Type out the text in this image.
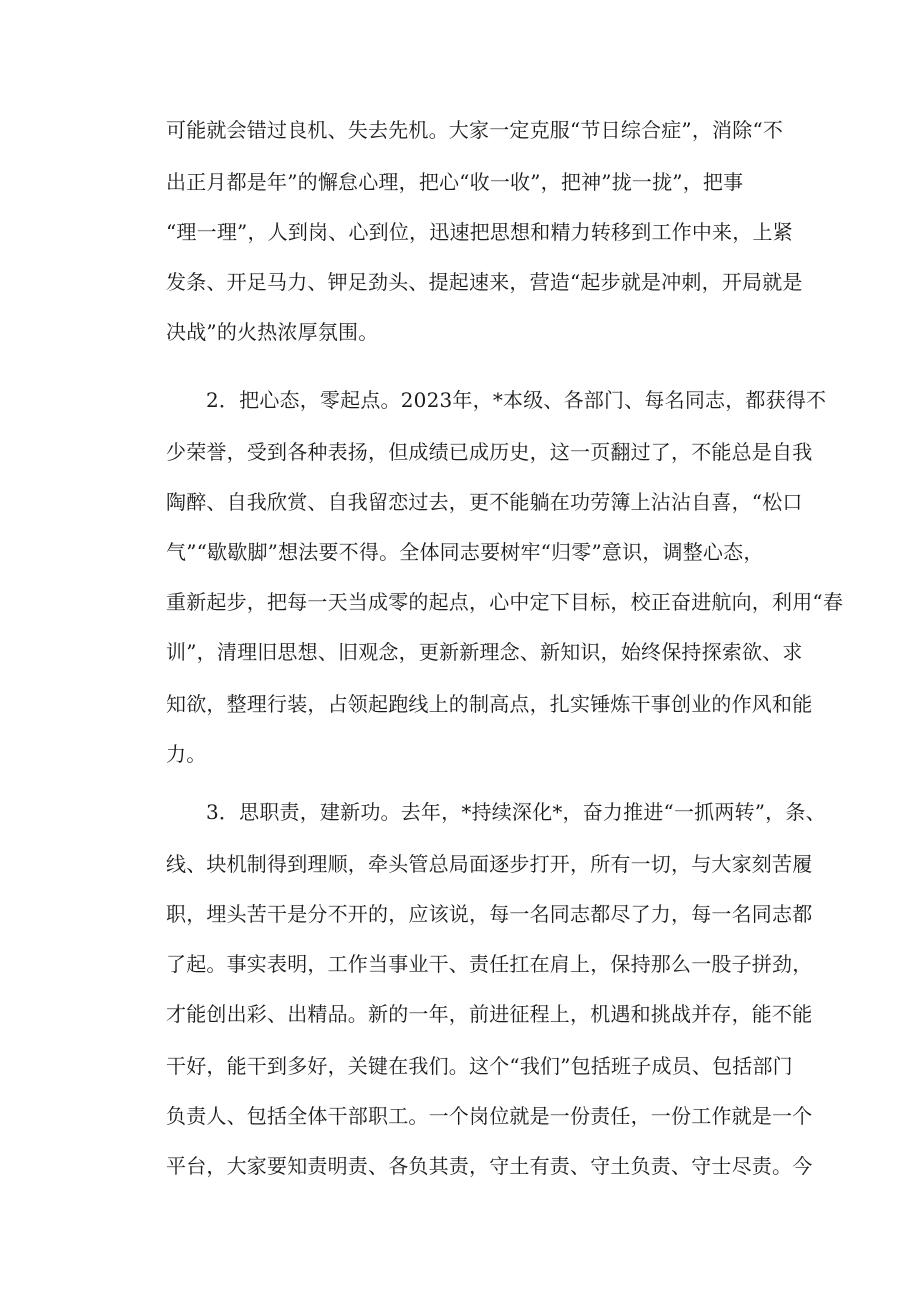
可能就会错过良机、失去先机。大家一定克服“节日综合症”，消除“不
出正月都是年”的懈怠心理，把心“收一收”，把神”拢一拢”，把事
“理一理”，人到岗、心到位，迅速把思想和精力转移到工作中来，上紧
发条、开足马力、钾足劲头、提起速来，营造“起步就是冲刺，开局就是
决战”的火热浓厚氛围。
2．把心态，零起点。2023年，*本级、各部门、每名同志，都获得不
少荣誉，受到各种表扬，但成绩已成历史，这一页翻过了，不能总是自我
陶醉、自我欣赏、自我留恋过去，更不能躺在功劳簿上沾沾自喜，“松口
气”“歇歇脚”想法要不得。全体同志要树牢“归零”意识，调整心态，
重新起步，把每一天当成零的起点，心中定下目标，校正奋进航向，利用“春
训”，清理旧思想、旧观念，更新新理念、新知识，始终保持探索欲、求
知欲，整理行装，占领起跑线上的制高点，扎实锤炼干事创业的作风和能
力。
3．思职责，建新功。去年，*持续深化*，奋力推进“一抓两转”，条、
线、块机制得到理顺，牵头管总局面逐步打开，所有一切，与大家刻苦履
职，埋头苦干是分不开的，应该说，每一名同志都尽了力，每一名同志都
了起。事实表明，工作当事业干、责任扛在肩上，保持那么一股子拼劲，
才能创出彩、出精品。新的一年，前进征程上，机遇和挑战并存，能不能
干好，能干到多好，关键在我们。这个“我们”包括班子成员、包括部门
负责人、包括全体干部职工。一个岗位就是一份责任，一份工作就是一个
平台，大家要知责明责、各负其责，守土有责、守土负责、守士尽责。今
